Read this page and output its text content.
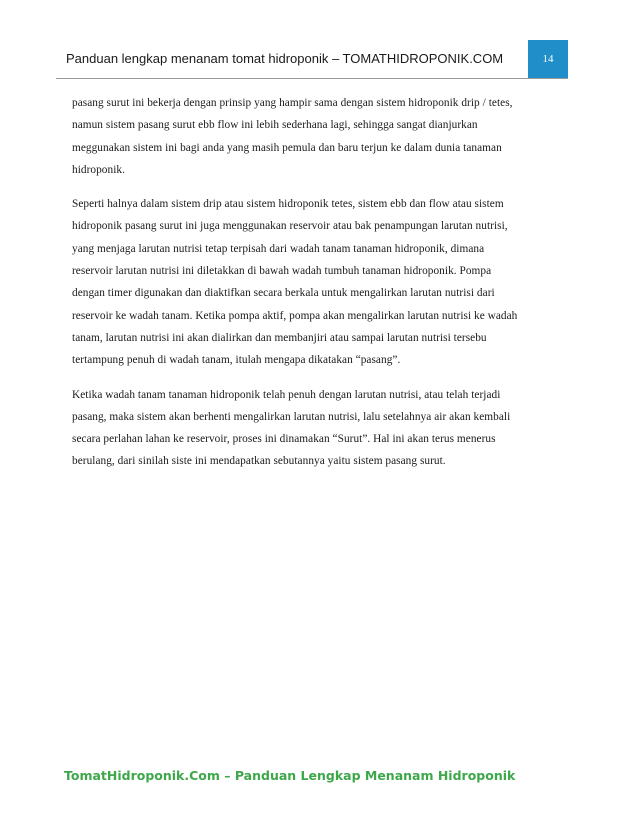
Panduan lengkap menanam tomat hidroponik – TOMATHIDROPONIK.COM	14
pasang surut ini bekerja dengan prinsip yang hampir sama dengan sistem hidroponik drip / tetes,
namun sistem pasang surut ebb flow ini lebih sederhana lagi, sehingga sangat dianjurkan
meggunakan sistem ini bagi anda yang masih pemula dan baru terjun ke dalam dunia tanaman
hidroponik.
Seperti halnya dalam sistem drip atau sistem hidroponik tetes, sistem ebb dan flow atau sistem
hidroponik pasang surut ini juga menggunakan reservoir atau bak penampungan larutan nutrisi,
yang menjaga larutan nutrisi tetap terpisah dari wadah tanam tanaman hidroponik, dimana
reservoir larutan nutrisi ini diletakkan di bawah wadah tumbuh tanaman hidroponik. Pompa
dengan timer digunakan dan diaktifkan secara berkala untuk mengalirkan larutan nutrisi dari
reservoir ke wadah tanam. Ketika pompa aktif, pompa akan mengalirkan larutan nutrisi ke wadah
tanam, larutan nutrisi ini akan dialirkan dan membanjiri atau sampai larutan nutrisi tersebu
tertampung penuh di wadah tanam, itulah mengapa dikatakan “pasang”.
Ketika wadah tanam tanaman hidroponik telah penuh dengan larutan nutrisi, atau telah terjadi
pasang, maka sistem akan berhenti mengalirkan larutan nutrisi, lalu setelahnya air akan kembali
secara perlahan lahan ke reservoir, proses ini dinamakan “Surut”. Hal ini akan terus menerus
berulang, dari sinilah siste ini mendapatkan sebutannya yaitu sistem pasang surut.
TomatHidroponik.Com – Panduan Lengkap Menanam Hidroponik
